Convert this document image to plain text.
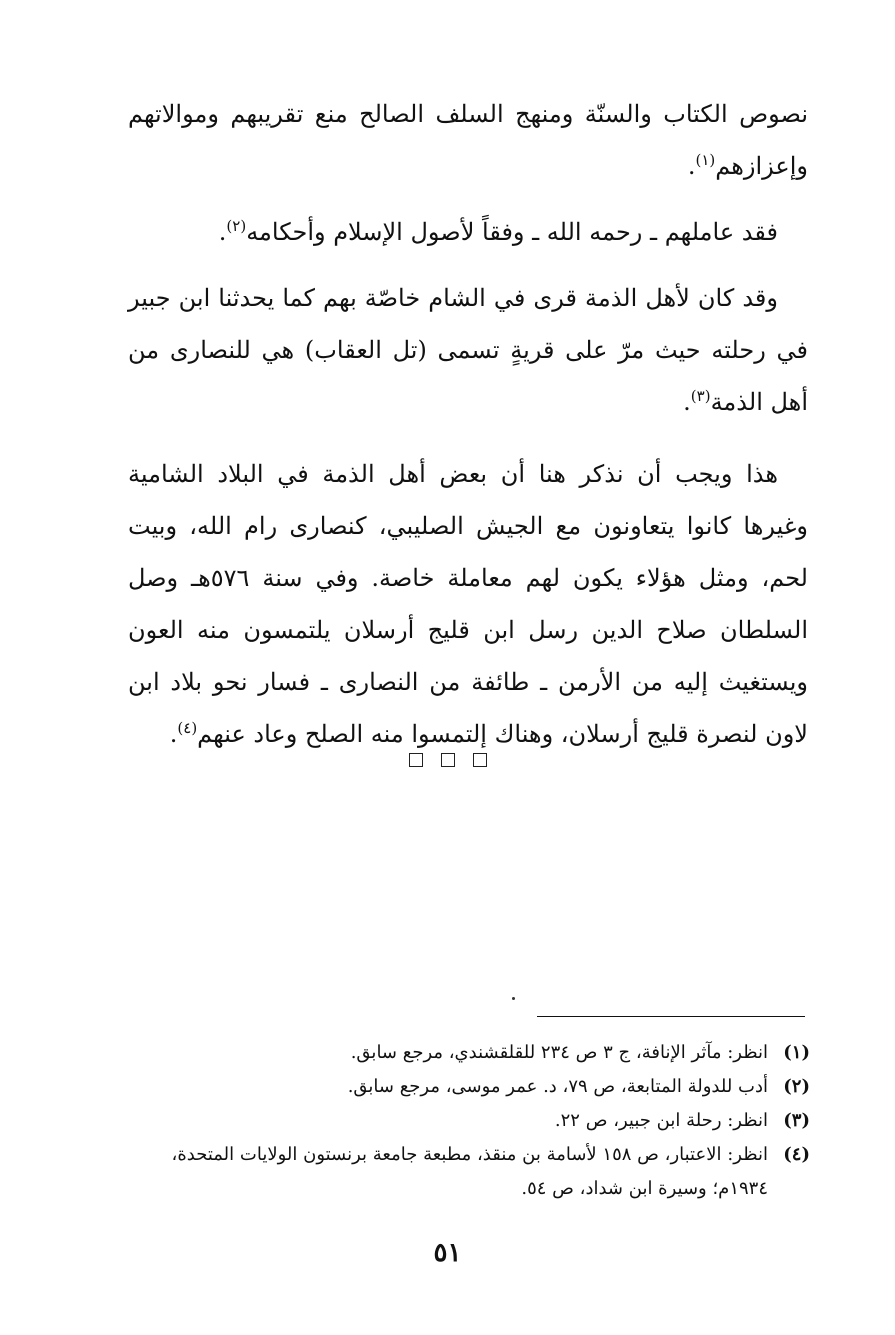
نصوص الكتاب والسنّة ومنهج السلف الصالح منع تقريبهم وموالاتهم وإعزازهم$^{(١)}$.

فقد عاملهم ـ رحمه الله ـ وفقاً لأصول الإسلام وأحكامه$^{(٢)}$.

وقد كان لأهل الذمة قرى في الشام خاصّة بهم كما يحدثنا ابن جبير في رحلته حيث مرّ على قريةٍ تسمى (تل العقاب) هي للنصارى من أهل الذمة$^{(٣)}$.

هذا ويجب أن نذكر هنا أن بعض أهل الذمة في البلاد الشامية وغيرها كانوا يتعاونون مع الجيش الصليبي، كنصارى رام الله، وبيت لحم، ومثل هؤلاء يكون لهم معاملة خاصة. وفي سنة ٥٧٦هـ وصل السلطان صلاح الدين رسل ابن قليج أرسلان يلتمسون منه العون ويستغيث إليه من الأرمن ـ طائفة من النصارى ـ فسار نحو بلاد ابن لاون لنصرة قليج أرسلان، وهناك إلتمسوا منه الصلح وعاد عنهم$^{(٤)}$.

(١)
انظر: مآثر الإنافة، ج ٣ ص ٢٣٤ للقلقشندي، مرجع سابق.
(٢)
أدب للدولة المتابعة، ص ٧٩، د. عمر موسى، مرجع سابق.
(٣)
انظر: رحلة ابن جبير، ص ٢٢.
(٤)
انظر: الاعتبار، ص ١٥٨ لأسامة بن منقذ، مطبعة جامعة برنستون الولايات المتحدة، ١٩٣٤م؛ وسيرة ابن شداد، ص ٥٤.
٥١
